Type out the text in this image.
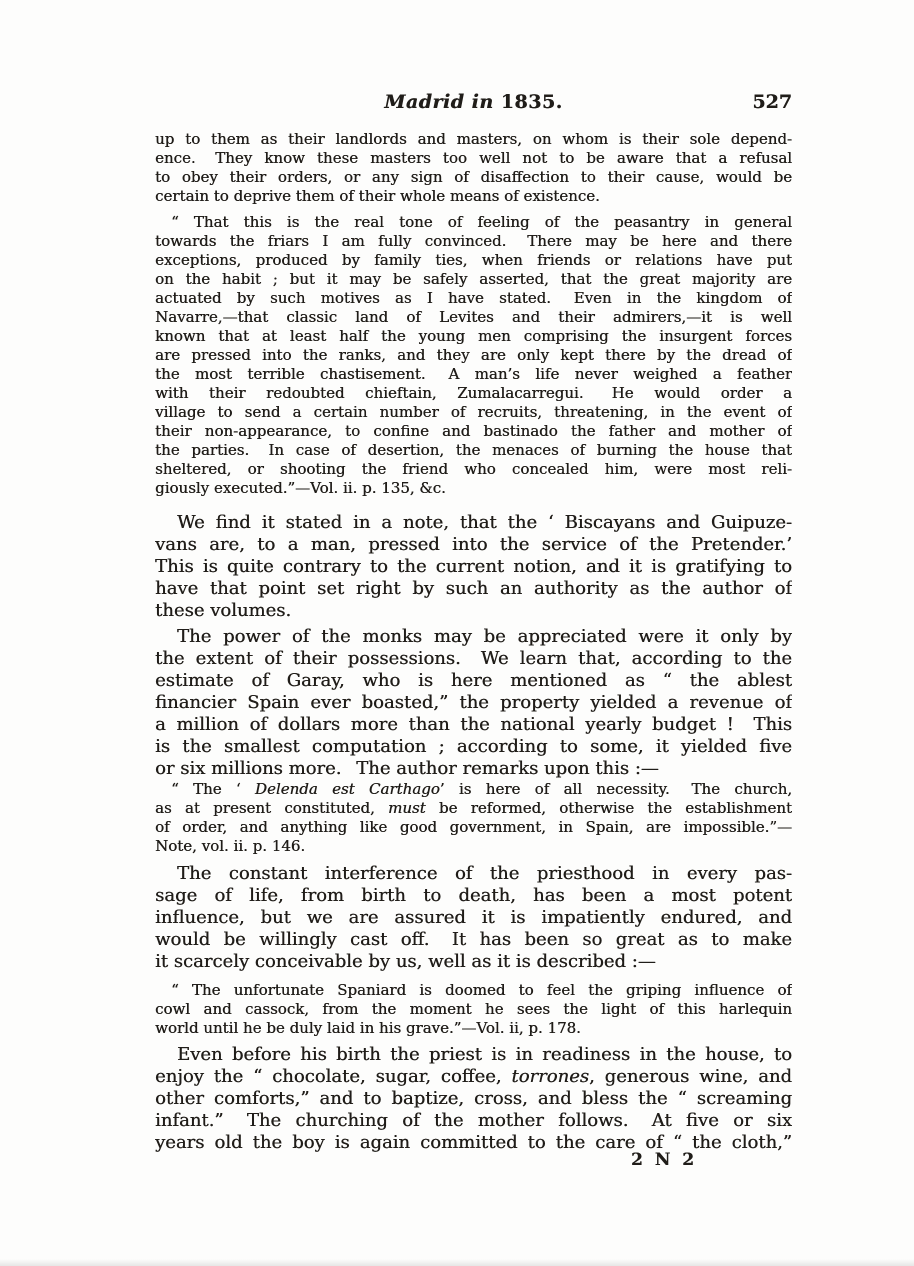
Madrid in 1835.	527
up to them as their landlords and masters, on whom is their sole depend-
ence.  They know these masters too well not to be aware that a refusal
to obey their orders, or any sign of disaffection to their cause, would be
certain to deprive them of their whole means of existence.
“ That this is the real tone of feeling of the peasantry in general
towards the friars I am fully convinced.  There may be here and there
exceptions, produced by family ties, when friends or relations have put
on the habit ; but it may be safely asserted, that the great majority are
actuated by such motives as I have stated.  Even in the kingdom of
Navarre,—that classic land of Levites and their admirers,—it is well
known that at least half the young men comprising the insurgent forces
are pressed into the ranks, and they are only kept there by the dread of
the most terrible chastisement.  A man’s life never weighed a feather
with their redoubted chieftain, Zumalacarregui.  He would order a
village to send a certain number of recruits, threatening, in the event of
their non-appearance, to confine and bastinado the father and mother of
the parties.  In case of desertion, the menaces of burning the house that
sheltered, or shooting the friend who concealed him, were most reli-
giously executed.”—Vol. ii. p. 135, &c.
We find it stated in a note, that the ‘ Biscayans and Guipuze-
vans are, to a man, pressed into the service of the Pretender.’
This is quite contrary to the current notion, and it is gratifying to
have that point set right by such an authority as the author of
these volumes.
The power of the monks may be appreciated were it only by
the extent of their possessions.  We learn that, according to the
estimate of Garay, who is here mentioned as “ the ablest
financier Spain ever boasted,” the property yielded a revenue of
a million of dollars more than the national yearly budget !  This
is the smallest computation ; according to some, it yielded five
or six millions more.  The author remarks upon this :—
“ The ‘ Delenda est Carthago’ is here of all necessity.  The church,
as at present constituted, must be reformed, otherwise the establishment
of order, and anything like good government, in Spain, are impossible.”—
Note, vol. ii. p. 146.
The constant interference of the priesthood in every pas-
sage of life, from birth to death, has been a most potent
influence, but we are assured it is impatiently endured, and
would be willingly cast off.  It has been so great as to make
it scarcely conceivable by us, well as it is described :—
“ The unfortunate Spaniard is doomed to feel the griping influence of
cowl and cassock, from the moment he sees the light of this harlequin
world until he be duly laid in his grave.”—Vol. ii, p. 178.
Even before his birth the priest is in readiness in the house, to
enjoy the “ chocolate, sugar, coffee, torrones, generous wine, and
other comforts,” and to baptize, cross, and bless the “ screaming
infant.”  The churching of the mother follows.  At five or six
years old the boy is again committed to the care of “ the cloth,”
2 N 2
